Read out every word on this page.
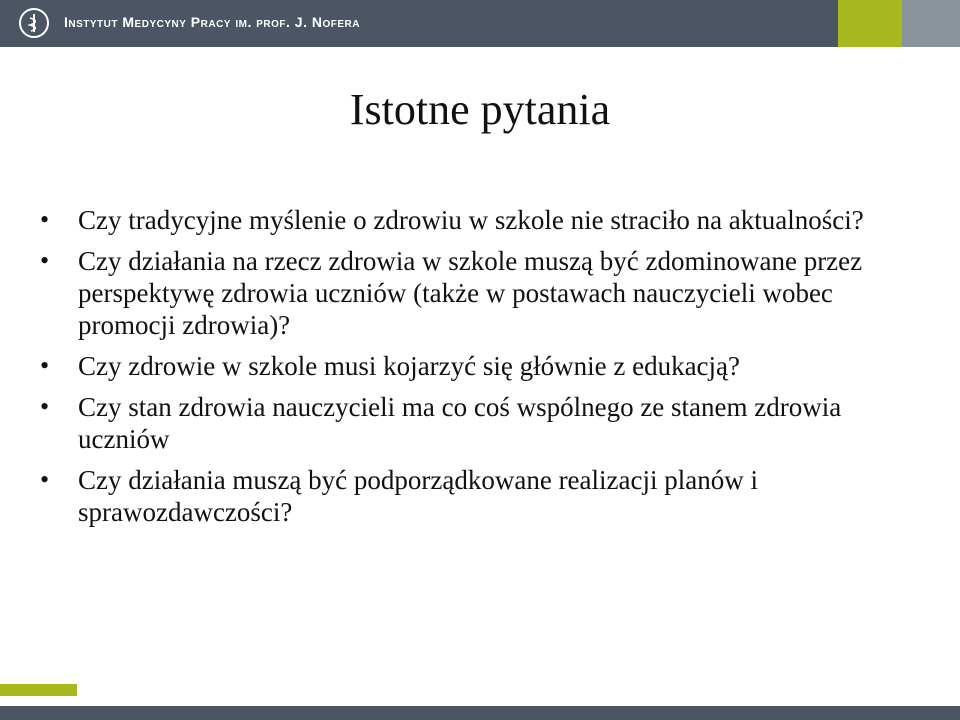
Instytut Medycyny Pracy im. prof. J. Nofera
Istotne pytania
• Czy tradycyjne myślenie o zdrowiu w szkole nie straciło na aktualności?
• Czy działania na rzecz zdrowia w szkole muszą być zdominowane przez perspektywę zdrowia uczniów (także w postawach nauczycieli wobec promocji zdrowia)?
• Czy zdrowie w szkole musi kojarzyć się głównie z edukacją?
• Czy stan zdrowia nauczycieli ma co coś wspólnego ze stanem zdrowia uczniów
• Czy działania muszą być podporządkowane realizacji planów i sprawozdawczości?
